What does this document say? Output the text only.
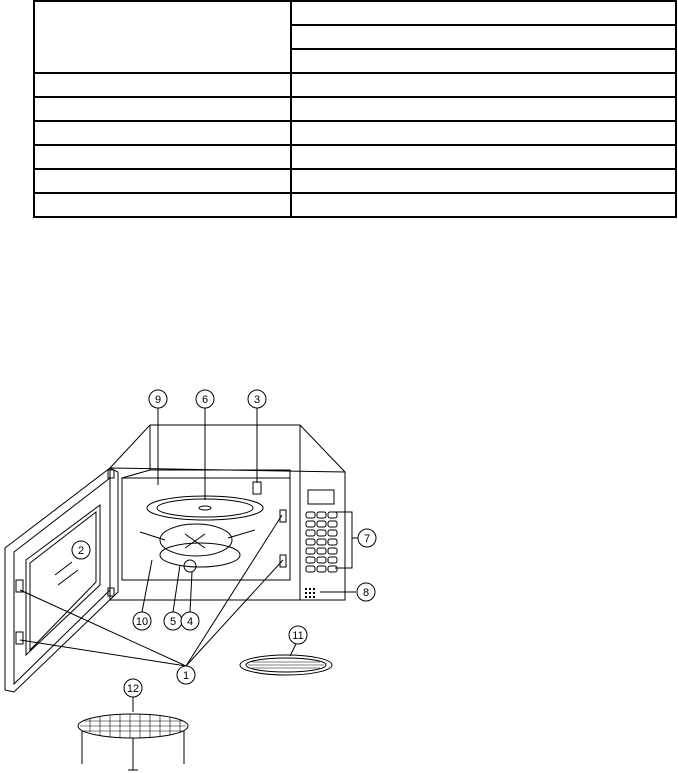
9	6	3
2
7
8
10 5 4
11
1
12
